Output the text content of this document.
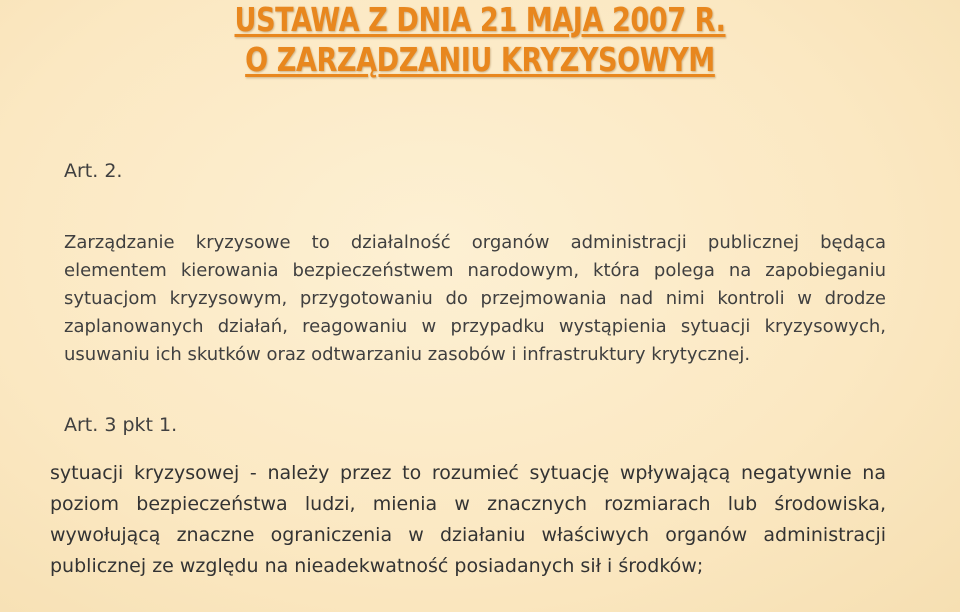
USTAWA Z DNIA 21 MAJA 2007 R.
O ZARZĄDZANIU KRYZYSOWYM
Art. 2.
Zarządzanie kryzysowe to działalność organów administracji publicznej będąca elementem kierowania bezpieczeństwem narodowym, która polega na zapobieganiu sytuacjom kryzysowym, przygotowaniu do przejmowania nad nimi kontroli w drodze zaplanowanych działań, reagowaniu w przypadku wystąpienia sytuacji kryzysowych, usuwaniu ich skutków oraz odtwarzaniu zasobów i infrastruktury krytycznej.
Art. 3 pkt 1.
sytuacji kryzysowej - należy przez to rozumieć sytuację wpływającą negatywnie na poziom bezpieczeństwa ludzi, mienia w znacznych rozmiarach lub środowiska, wywołującą znaczne ograniczenia w działaniu właściwych organów administracji publicznej ze względu na nieadekwatność posiadanych sił i środków;
